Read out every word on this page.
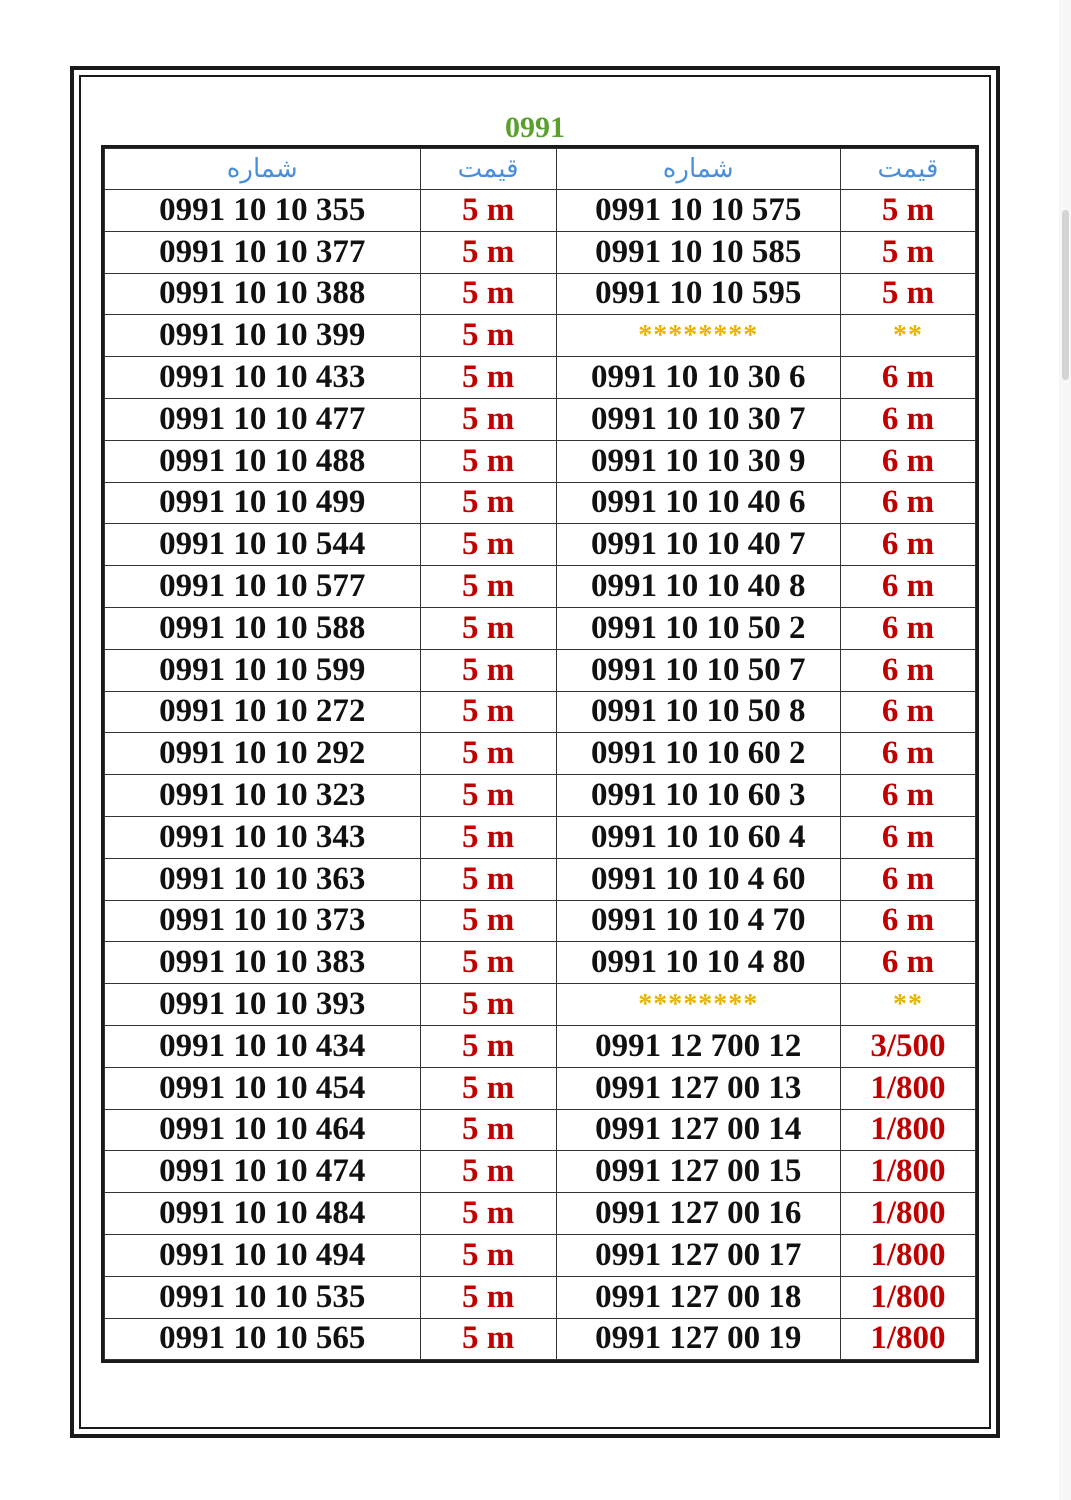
0991
شماره	قیمت	شماره	قیمت
0991 10 10 355	5 m	0991 10 10 575	5 m
0991 10 10 377	5 m	0991 10 10 585	5 m
0991 10 10 388	5 m	0991 10 10 595	5 m
0991 10 10 399	5 m	********	**
0991 10 10 433	5 m	0991 10 10 30 6	6 m
0991 10 10 477	5 m	0991 10 10 30 7	6 m
0991 10 10 488	5 m	0991 10 10 30 9	6 m
0991 10 10 499	5 m	0991 10 10 40 6	6 m
0991 10 10 544	5 m	0991 10 10 40 7	6 m
0991 10 10 577	5 m	0991 10 10 40 8	6 m
0991 10 10 588	5 m	0991 10 10 50 2	6 m
0991 10 10 599	5 m	0991 10 10 50 7	6 m
0991 10 10 272	5 m	0991 10 10 50 8	6 m
0991 10 10 292	5 m	0991 10 10 60 2	6 m
0991 10 10 323	5 m	0991 10 10 60 3	6 m
0991 10 10 343	5 m	0991 10 10 60 4	6 m
0991 10 10 363	5 m	0991 10 10 4 60	6 m
0991 10 10 373	5 m	0991 10 10 4 70	6 m
0991 10 10 383	5 m	0991 10 10 4 80	6 m
0991 10 10 393	5 m	********	**
0991 10 10 434	5 m	0991 12 700 12	3/500
0991 10 10 454	5 m	0991 127 00 13	1/800
0991 10 10 464	5 m	0991 127 00 14	1/800
0991 10 10 474	5 m	0991 127 00 15	1/800
0991 10 10 484	5 m	0991 127 00 16	1/800
0991 10 10 494	5 m	0991 127 00 17	1/800
0991 10 10 535	5 m	0991 127 00 18	1/800
0991 10 10 565	5 m	0991 127 00 19	1/800
